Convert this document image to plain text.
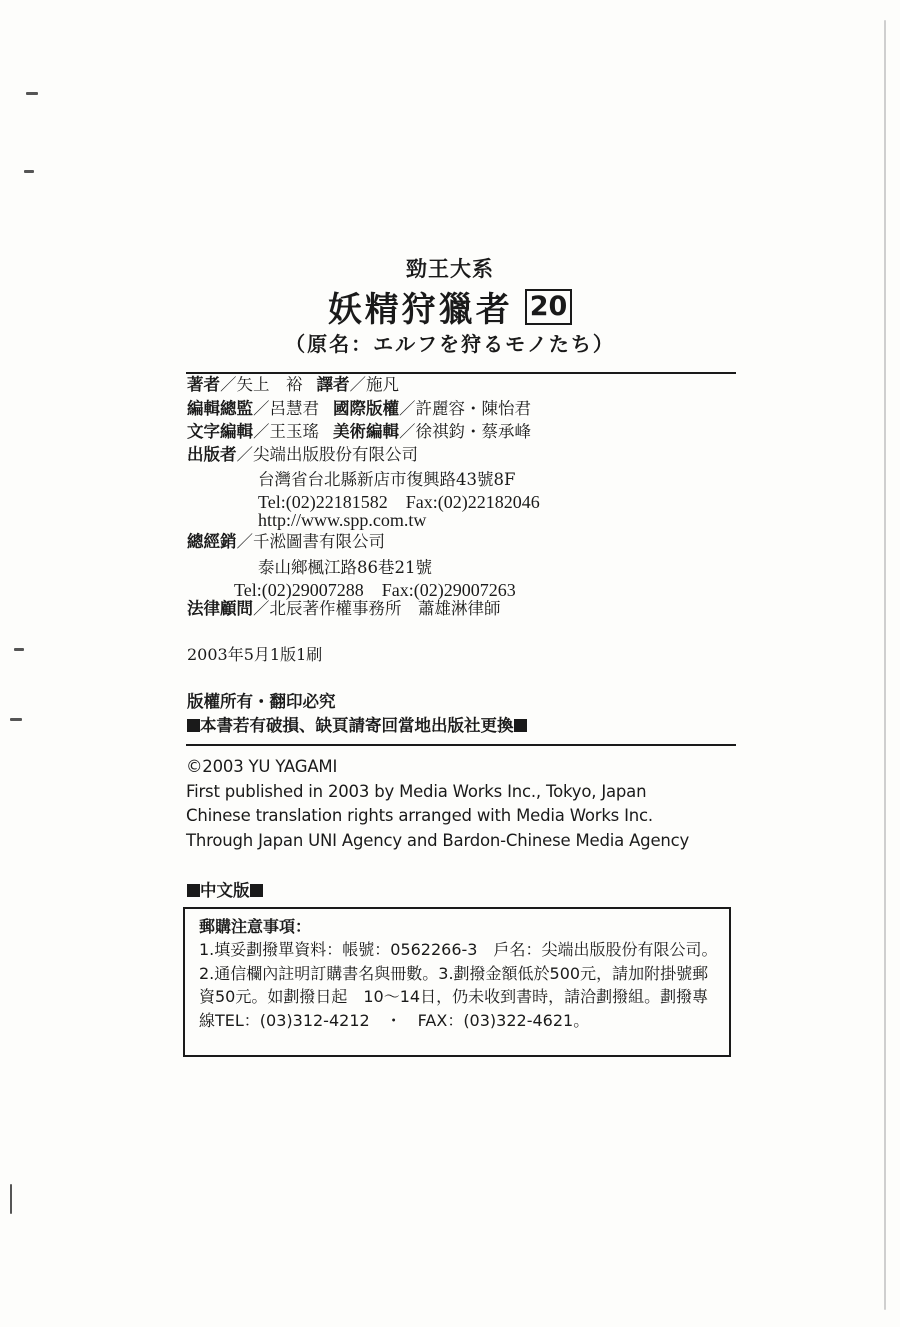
勁王大系
妖精狩獵者 20
（原名：エルフを狩るモノたち）
著者／矢上　裕 譯者／施凡
編輯總監／呂慧君 國際版權／許麗容・陳怡君
文字編輯／王玉瑤 美術編輯／徐祺鈞・蔡承峰
出版者／尖端出版股份有限公司
台灣省台北縣新店市復興路43號8F
Tel:(02)22181582　Fax:(02)22182046
http://www.spp.com.tw
總經銷／千淞圖書有限公司
泰山鄉楓江路86巷21號
Tel:(02)29007288　Fax:(02)29007263
法律顧問／北辰著作權事務所　蕭雄淋律師
2003年5月1版1刷
版權所有・翻印必究
本書若有破損、缺頁請寄回當地出版社更換
©2003 YU YAGAMI
First published in 2003 by Media Works Inc., Tokyo, Japan
Chinese translation rights arranged with Media Works Inc.
Through Japan UNI Agency and Bardon-Chinese Media Agency
中文版
郵購注意事項：
1.填妥劃撥單資料：帳號：0562266-3　戶名：尖端出版股份有限公司。2.通信欄內註明訂購書名與冊數。3.劃撥金額低於500元，請加附掛號郵資50元。如劃撥日起　10～14日，仍未收到書時，請洽劃撥組。劃撥專線TEL：(03)312-4212　・　FAX：(03)322-4621。
